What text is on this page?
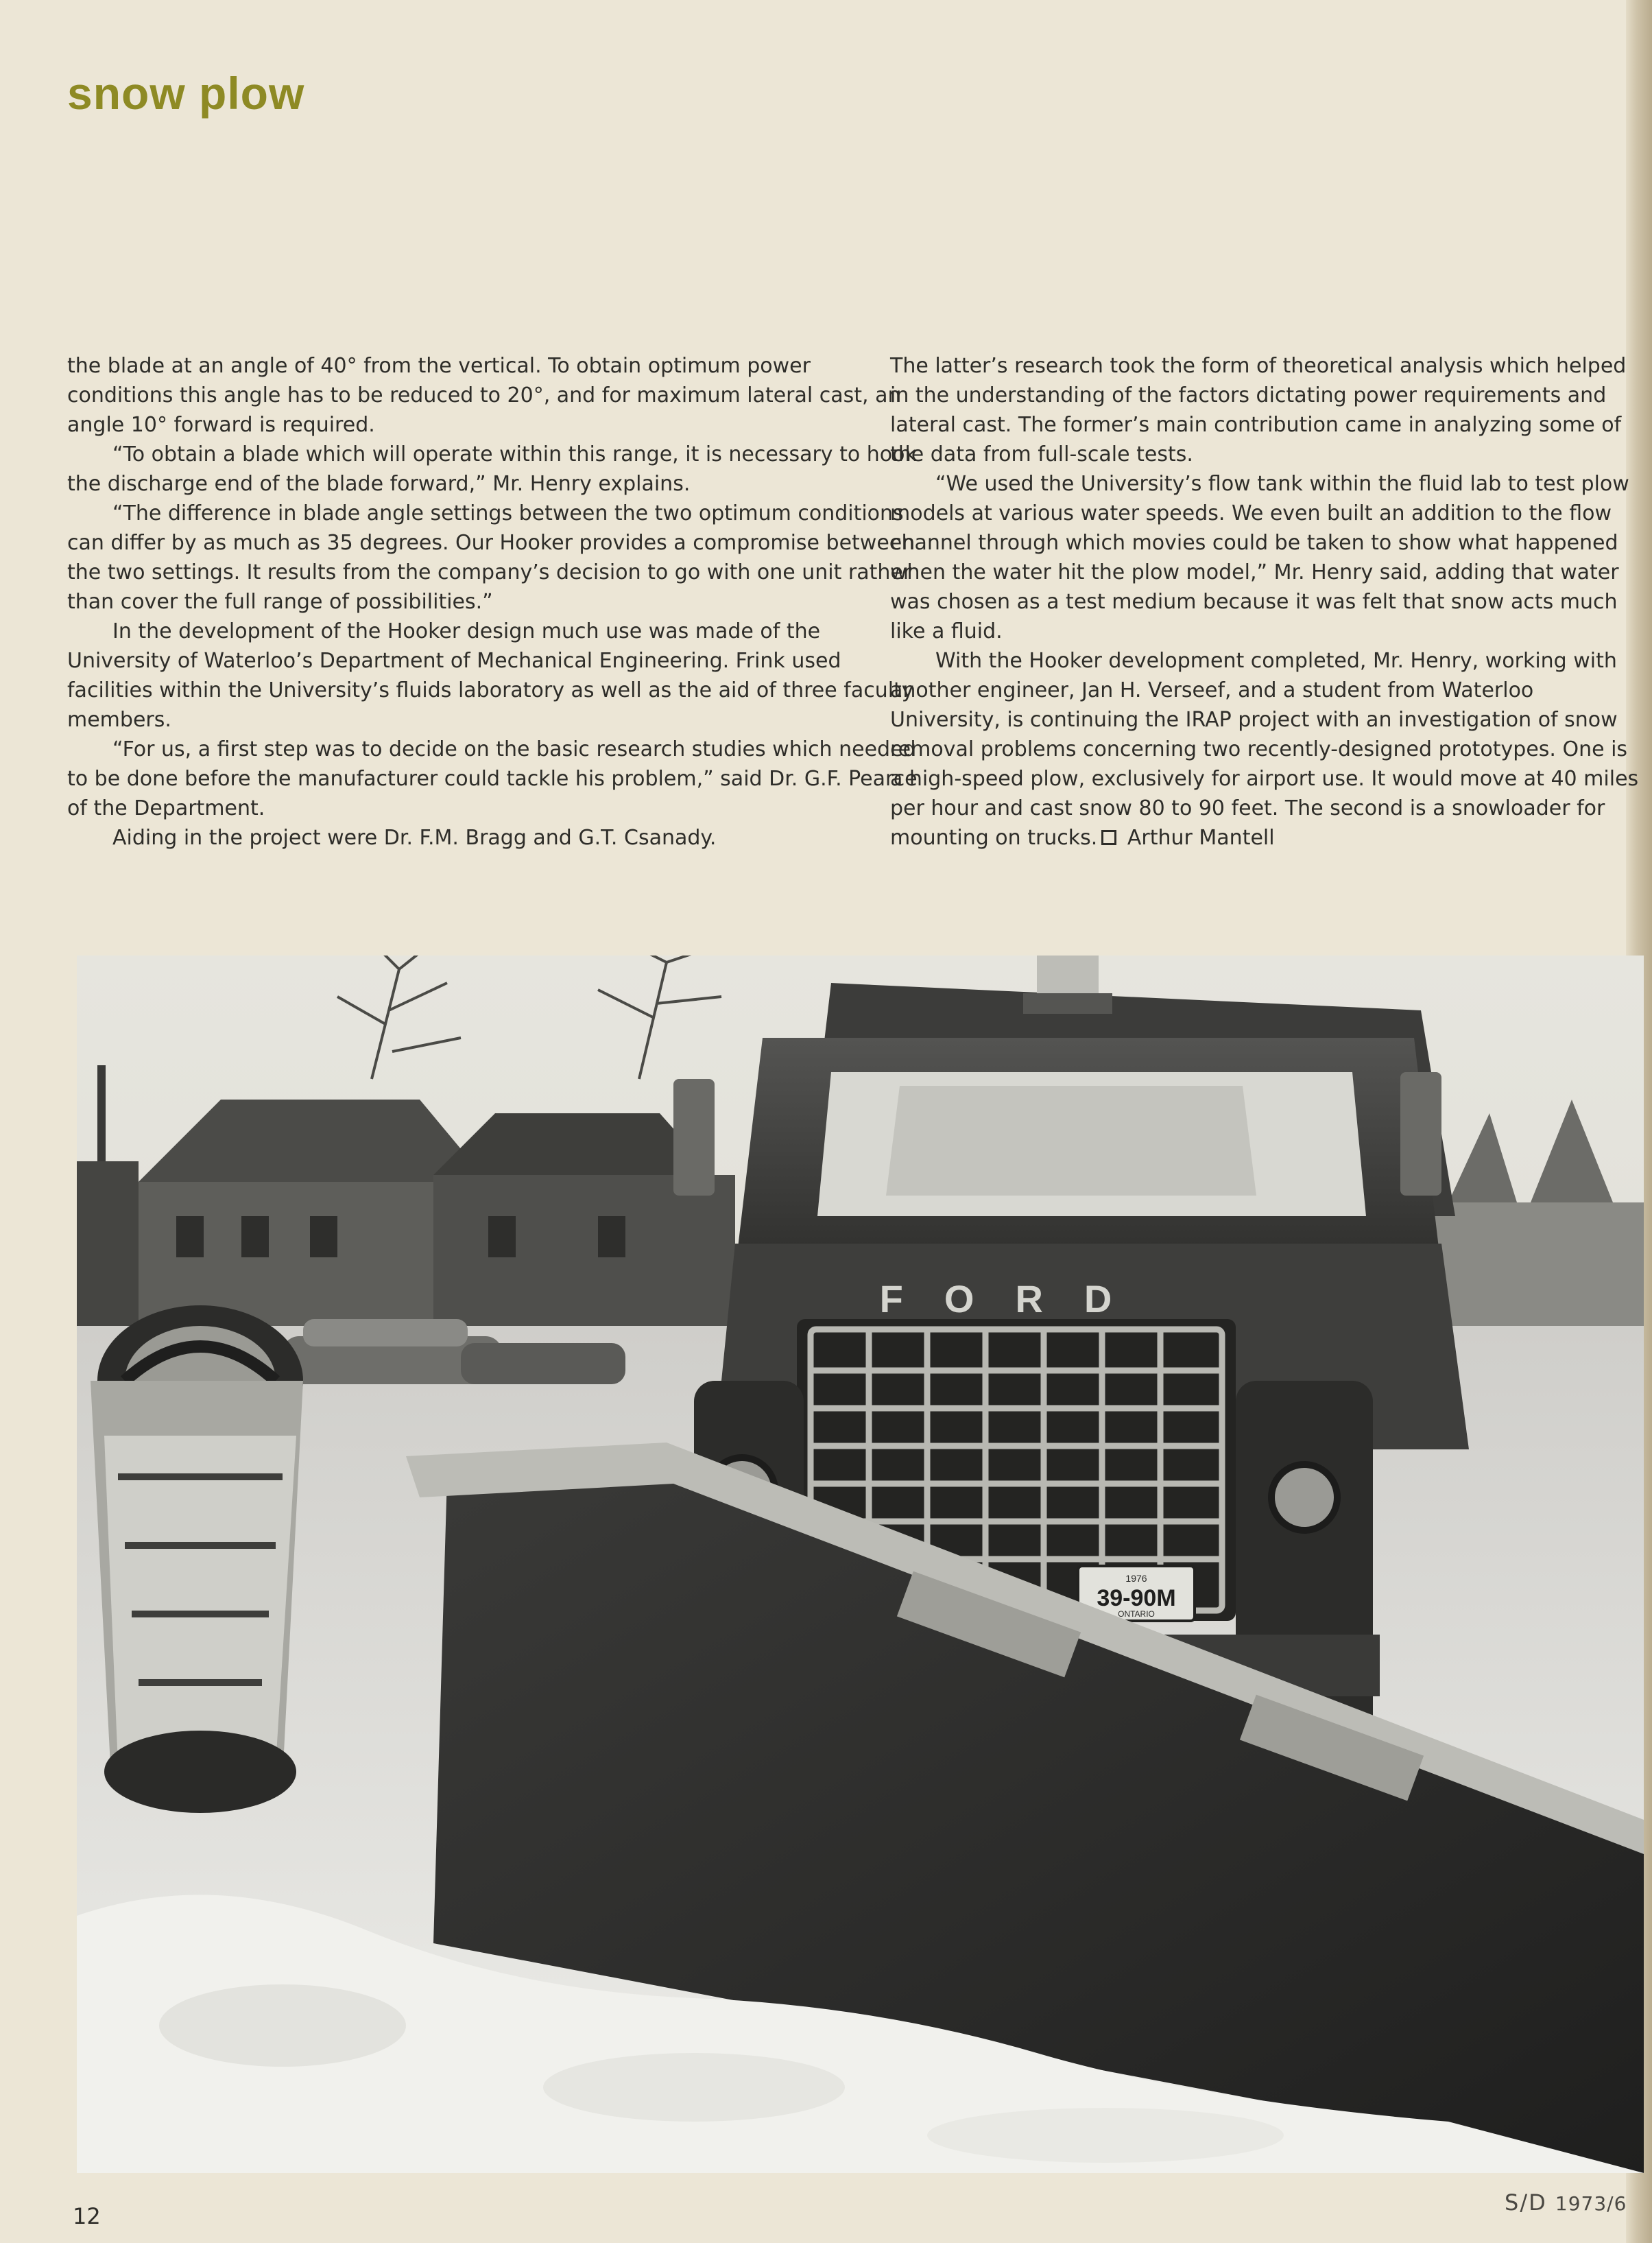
snow plow

the blade at an angle of 40° from the vertical. To obtain optimum power conditions this angle has to be reduced to 20°, and for maximum lateral cast, an angle 10° forward is required.

“To obtain a blade which will operate within this range, it is necessary to hook the discharge end of the blade forward,” Mr. Henry explains.

“The difference in blade angle settings between the two optimum conditions can differ by as much as 35 degrees. Our Hooker provides a compromise between the two settings. It results from the company’s decision to go with one unit rather than cover the full range of possibilities.”

In the development of the Hooker design much use was made of the University of Waterloo’s Department of Mechanical Engineering. Frink used facilities within the University’s fluids laboratory as well as the aid of three faculty members.

“For us, a first step was to decide on the basic research studies which needed to be done before the manufacturer could tackle his problem,” said Dr. G.F. Pearce of the Department.

Aiding in the project were Dr. F.M. Bragg and G.T. Csanady.

The latter’s research took the form of theoretical analysis which helped in the understanding of the factors dictating power requirements and lateral cast. The former’s main contribution came in analyzing some of the data from full-scale tests.

“We used the University’s flow tank within the fluid lab to test plow models at various water speeds. We even built an addition to the flow channel through which movies could be taken to show what happened when the water hit the plow model,” Mr. Henry said, adding that water was chosen as a test medium because it was felt that snow acts much like a fluid.

With the Hooker development completed, Mr. Henry, working with another engineer, Jan H. Verseef, and a student from Waterloo University, is continuing the IRAP project with an investigation of snow removal problems concerning two recently-designed prototypes. One is a high-speed plow, exclusively for airport use. It would move at 40 miles per hour and cast snow 80 to 90 feet. The second is a snowloader for mounting on trucks. Arthur Mantell

FORD
1976
39-90M
ONTARIO
12
S/D 1973/6
